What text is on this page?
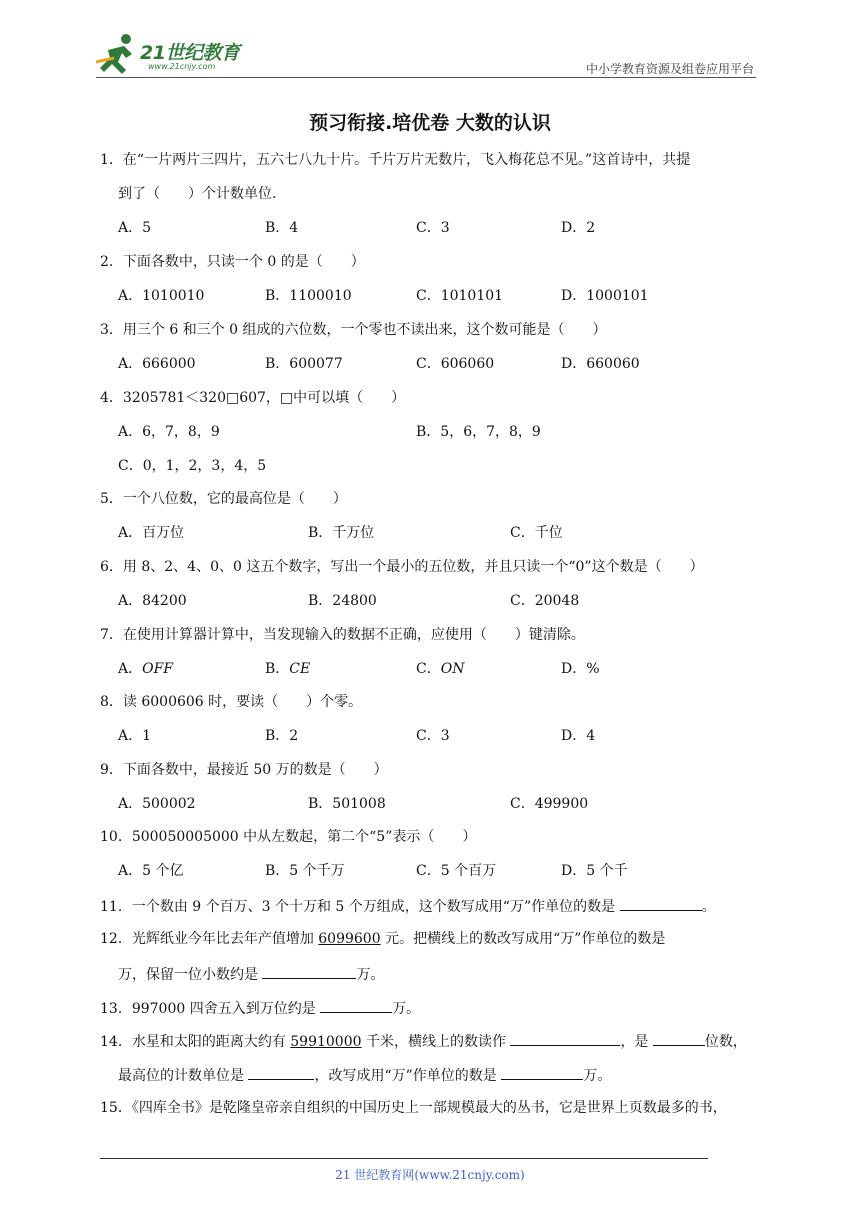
21世纪教育
www.21cnjy.com	中小学教育资源及组卷应用平台
预习衔接.培优卷 大数的认识
1．在“一片两片三四片，五六七八九十片。千片万片无数片，飞入梅花总不见。”这首诗中，共提
到了（　　）个计数单位.
A．5	B．4	C．3	D．2
2．下面各数中，只读一个 0 的是（　　）
A．1010010	B．1100010	C．1010101	D．1000101
3．用三个 6 和三个 0 组成的六位数，一个零也不读出来，这个数可能是（　　）
A．666000	B．600077	C．606060	D．660060
4．3205781＜320□607，□中可以填（　　）
A．6，7，8，9	B．5，6，7，8，9
C．0，1，2，3，4，5
5．一个八位数，它的最高位是（　　）
A．百万位	B．千万位	C．千位
6．用 8、2、4、0、0 这五个数字，写出一个最小的五位数，并且只读一个“0”这个数是（　　）
A．84200	B．24800	C．20048
7．在使用计算器计算中，当发现输入的数据不正确，应使用（　　）键清除。
A．OFF	B．CE	C．ON	D．%
8．读 6000606 时，要读（　　）个零。
A．1	B．2	C．3	D．4
9．下面各数中，最接近 50 万的数是（　　）
A．500002	B．501008	C．499900
10．500050005000 中从左数起，第二个“5”表示（　　）
A．5 个亿	B．5 个千万	C．5 个百万	D．5 个千
11．一个数由 9 个百万、3 个十万和 5 个万组成，这个数写成用“万”作单位的数是	。
12．光辉纸业今年比去年产值增加 6099600 元。把横线上的数改写成用“万”作单位的数是
万，保留一位小数约是	万。
13．997000 四舍五入到万位约是	万。
14．水星和太阳的距离大约有 59910000 千米，横线上的数读作	，是	位数，
最高位的计数单位是	，改写成用“万”作单位的数是	万。
15．《四库全书》是乾隆皇帝亲自组织的中国历史上一部规模最大的丛书，它是世界上页数最多的书，
21 世纪教育网(www.21cnjy.com)
